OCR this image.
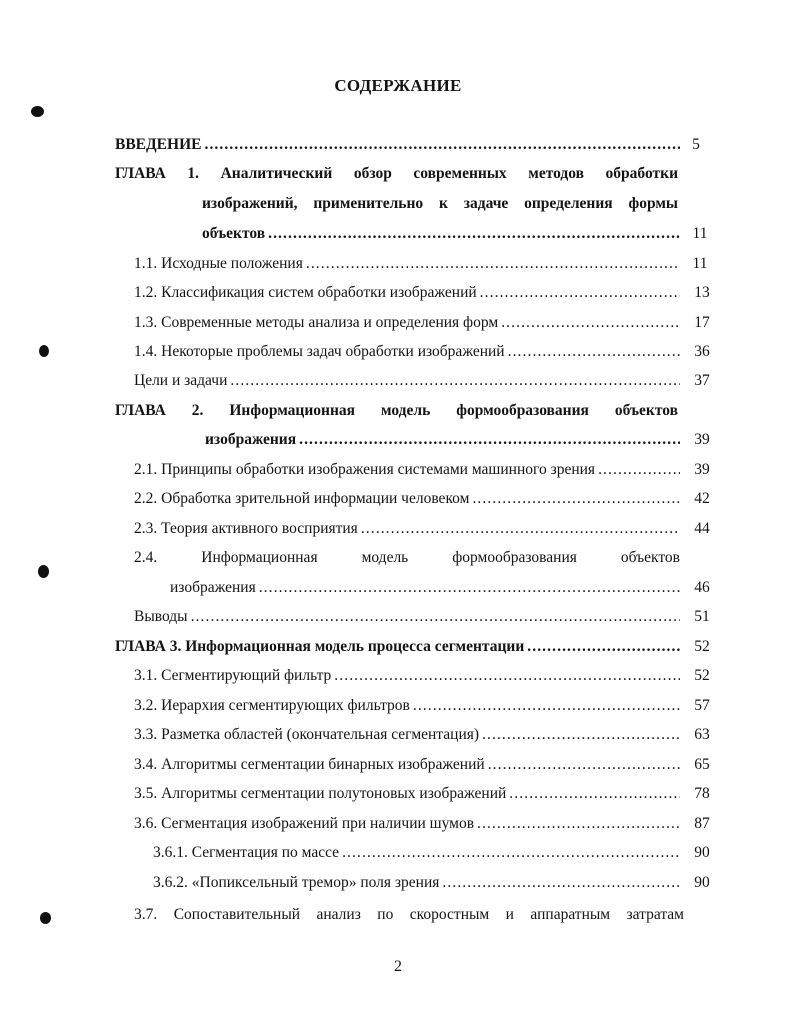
СОДЕРЖАНИЕ
ВВЕДЕНИЕ .....	5
ГЛАВА 1. Аналитический обзор современных методов обработки
изображений, применительно к задаче определения формы
объектов .....	11
1.1. Исходные положения .....	11
1.2. Классификация систем обработки изображений .....	13
1.3. Современные методы анализа и определения форм .....	17
1.4. Некоторые проблемы задач обработки изображений .....	36
Цели и задачи .....	37
ГЛАВА 2. Информационная модель формообразования объектов
изображения .....	39
2.1. Принципы обработки изображения системами машинного зрения .....	39
2.2. Обработка зрительной информации человеком .....	42
2.3. Теория активного восприятия .....	44
2.4. Информационная модель формообразования объектов
изображения .....	46
Выводы .....	51
ГЛАВА 3. Информационная модель процесса сегментации .....	52
3.1. Сегментирующий фильтр .....	52
3.2. Иерархия сегментирующих фильтров .....	57
3.3. Разметка областей (окончательная сегментация) .....	63
3.4. Алгоритмы сегментации бинарных изображений .....	65
3.5. Алгоритмы сегментации полутоновых изображений .....	78
3.6. Сегментация изображений при наличии шумов .....	87
3.6.1. Сегментация по массе .....	90
3.6.2. «Попиксельный тремор» поля зрения .....	90
3.7. Сопоставительный анализ по скоростным и аппаратным затратам
2
